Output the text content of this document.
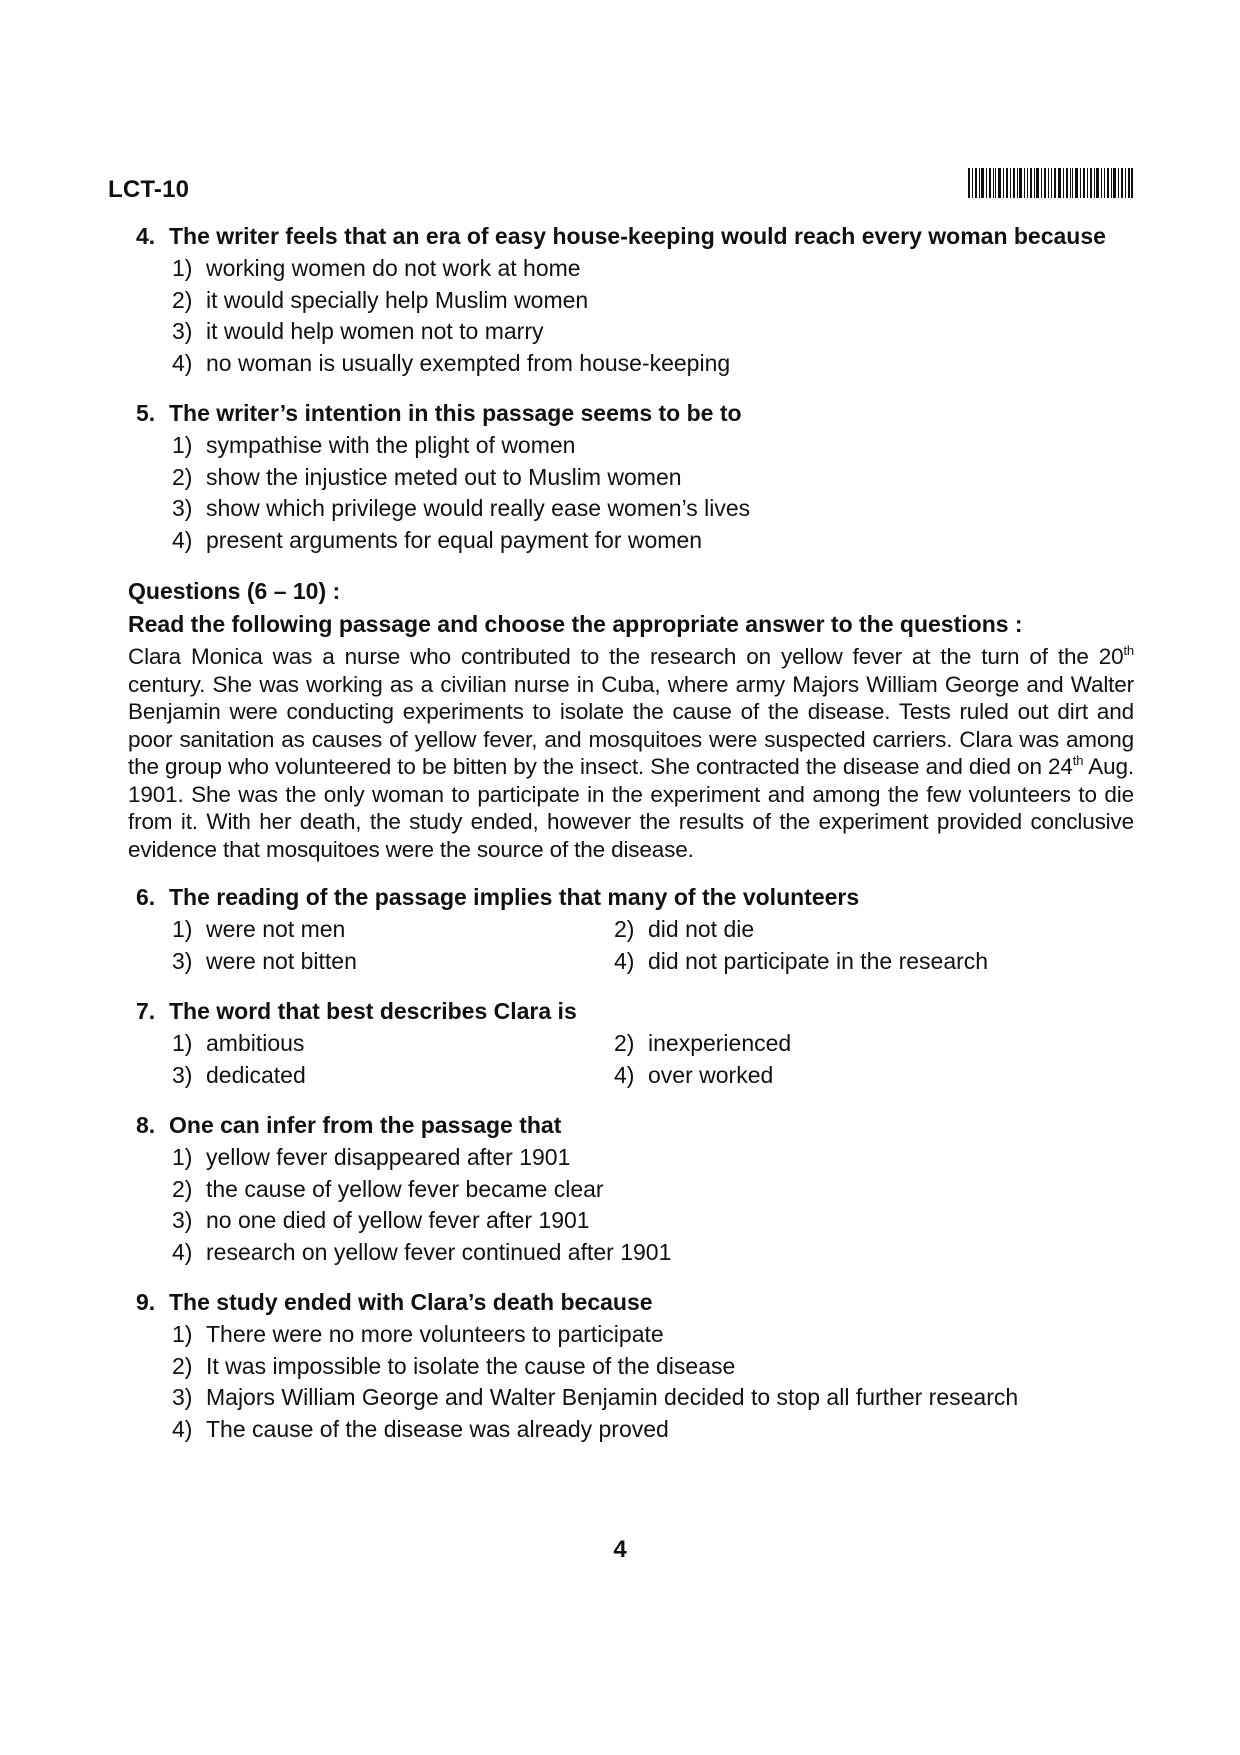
LCT-10
4. The writer feels that an era of easy house-keeping would reach every woman because
1) working women do not work at home
2) it would specially help Muslim women
3) it would help women not to marry
4) no woman is usually exempted from house-keeping
5. The writer’s intention in this passage seems to be to
1) sympathise with the plight of women
2) show the injustice meted out to Muslim women
3) show which privilege would really ease women’s lives
4) present arguments for equal payment for women
Questions (6 – 10) :
Read the following passage and choose the appropriate answer to the questions :
Clara Monica was a nurse who contributed to the research on yellow fever at the turn of the 20th century. She was working as a civilian nurse in Cuba, where army Majors William George and Walter Benjamin were conducting experiments to isolate the cause of the disease. Tests ruled out dirt and poor sanitation as causes of yellow fever, and mosquitoes were suspected carriers. Clara was among the group who volunteered to be bitten by the insect. She contracted the disease and died on 24th Aug. 1901. She was the only woman to participate in the experiment and among the few volunteers to die from it. With her death, the study ended, however the results of the experiment provided conclusive evidence that mosquitoes were the source of the disease.
6. The reading of the passage implies that many of the volunteers
1) were not men	2) did not die
3) were not bitten	4) did not participate in the research
7. The word that best describes Clara is
1) ambitious	2) inexperienced
3) dedicated	4) over worked
8. One can infer from the passage that
1) yellow fever disappeared after 1901
2) the cause of yellow fever became clear
3) no one died of yellow fever after 1901
4) research on yellow fever continued after 1901
9. The study ended with Clara’s death because
1) There were no more volunteers to participate
2) It was impossible to isolate the cause of the disease
3) Majors William George and Walter Benjamin decided to stop all further research
4) The cause of the disease was already proved
4
